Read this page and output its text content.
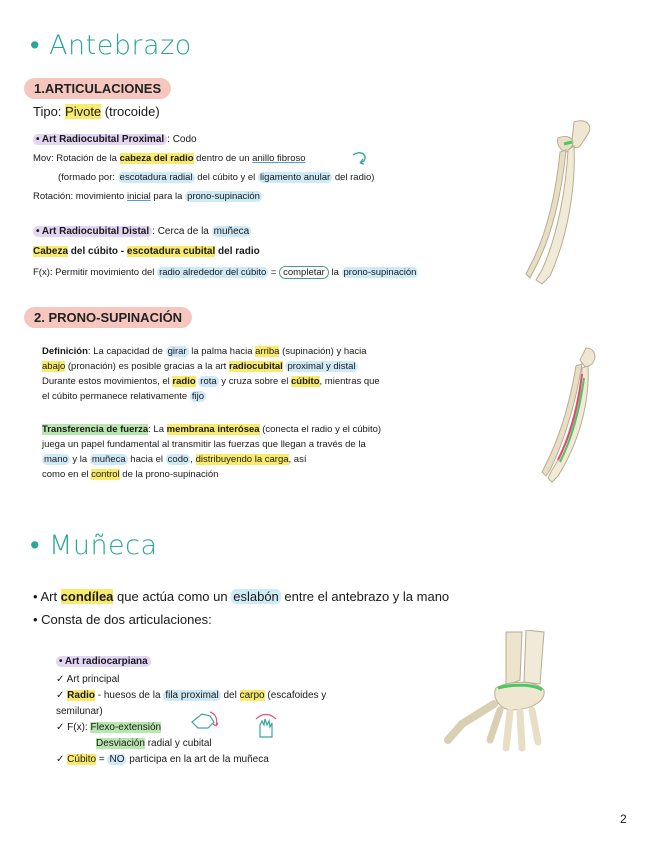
• Antebrazo
1.ARTICULACIONES
Tipo: Pivote (trocoide)
• Art Radiocubital Proximal : Codo
Mov: Rotación de la cabeza del radio dentro de un anillo fibroso
(formado por: escotadura radial del cúbito y el ligamento anular del radio)
Rotación: movimiento inicial para la prono-supinación
• Art Radiocubital Distal : Cerca de la muñeca
Cabeza del cúbito - escotadura cubital del radio
F(x): Permitir movimiento del radio alrededor del cúbito = completar la prono-supinación
2. PRONO-SUPINACIÓN
Definición: La capacidad de girar la palma hacia arriba (supinación) y hacia
abajo (pronación) es posible gracias a la art radiocubital proximal y distal
Durante estos movimientos, el radio rota y cruza sobre el cúbito, mientras que
el cúbito permanece relativamente fijo
Transferencia de fuerza: La membrana interósea (conecta el radio y el cúbito)
juega un papel fundamental al transmitir las fuerzas que llegan a través de la
mano y la muñeca hacia el codo , distribuyendo la carga, así
como en el control de la prono-supinación
• Muñeca
• Art condílea que actúa como un eslabón entre el antebrazo y la mano
• Consta de dos articulaciones:
• Art radiocarpiana
✓ Art principal
✓ Radio - huesos de la fila proximal del carpo (escafoides y
semilunar)
✓ F(x): Flexo-extensión
Desviación radial y cubital
✓ Cúbito = NO participa en la art de la muñeca
2
